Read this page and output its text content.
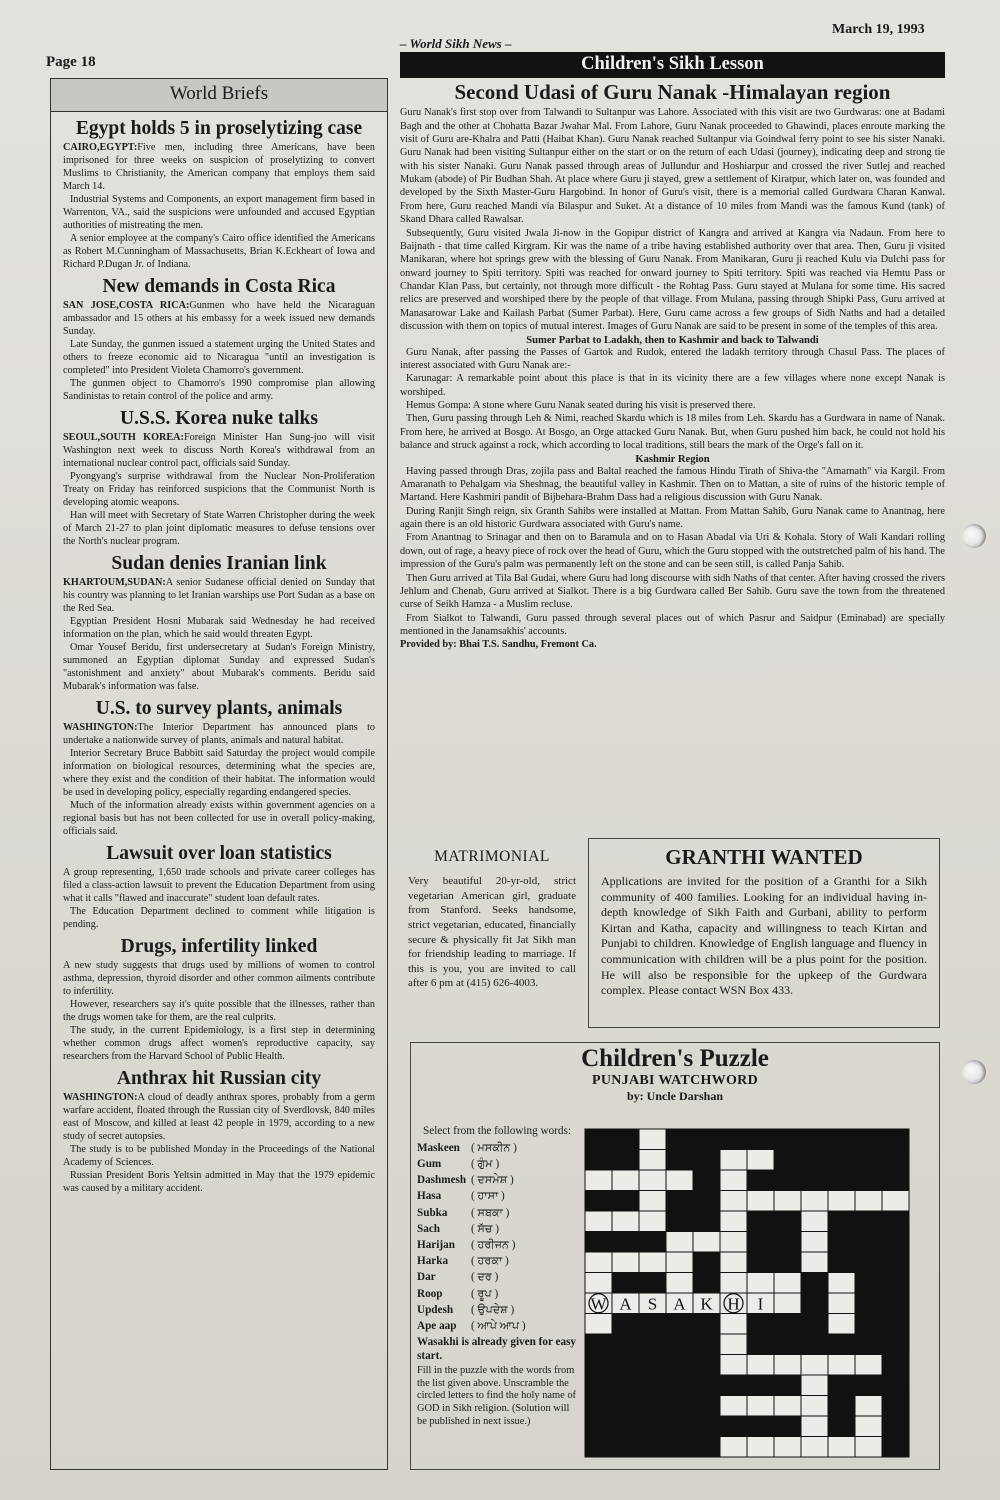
Page 18
– World Sikh News –
March 19, 1993
World Briefs
Egypt holds 5 in proselytizing case

CAIRO,EGYPT:Five men, including three Americans, have been imprisoned for three weeks on suspicion of proselytizing to convert Muslims to Christianity, the American company that employs them said March 14.

Industrial Systems and Components, an export management firm based in Warrenton, VA., said the suspicions were unfounded and accused Egyptian authorities of mistreating the men.

A senior employee at the company's Cairo office identified the Americans as Robert M.Cunningham of Massachusetts, Brian K.Eckheart of Iowa and Richard P.Dugan Jr. of Indiana.

New demands in Costa Rica

SAN JOSE,COSTA RICA:Gunmen who have held the Nicaraguan ambassador and 15 others at his embassy for a week issued new demands Sunday.

Late Sunday, the gunmen issued a statement urging the United States and others to freeze economic aid to Nicaragua "until an investigation is completed" into President Violeta Chamorro's government.

The gunmen object to Chamorro's 1990 compromise plan allowing Sandinistas to retain control of the police and army.

U.S.S. Korea nuke talks

SEOUL,SOUTH KOREA:Foreign Minister Han Sung-joo will visit Washington next week to discuss North Korea's withdrawal from an international nuclear control pact, officials said Sunday.

Pyongyang's surprise withdrawal from the Nuclear Non-Proliferation Treaty on Friday has reinforced suspicions that the Communist North is developing atomic weapons.

Han will meet with Secretary of State Warren Christopher during the week of March 21-27 to plan joint diplomatic measures to defuse tensions over the North's nuclear program.

Sudan denies Iranian link

KHARTOUM,SUDAN:A senior Sudanese official denied on Sunday that his country was planning to let Iranian warships use Port Sudan as a base on the Red Sea.

Egyptian President Hosni Mubarak said Wednesday he had received information on the plan, which he said would threaten Egypt.

Omar Yousef Beridu, first undersecretary at Sudan's Foreign Ministry, summoned an Egyptian diplomat Sunday and expressed Sudan's "astonishment and anxiety" about Mubarak's comments. Beridu said Mubarak's information was false.

U.S. to survey plants, animals

WASHINGTON:The Interior Department has announced plans to undertake a nationwide survey of plants, animals and natural habitat.

Interior Secretary Bruce Babbitt said Saturday the project would compile information on biological resources, determining what the species are, where they exist and the condition of their habitat. The information would be used in developing policy, especially regarding endangered species.

Much of the information already exists within government agencies on a regional basis but has not been collected for use in overall policy-making, officials said.

Lawsuit over loan statistics

A group representing, 1,650 trade schools and private career colleges has filed a class-action lawsuit to prevent the Education Department from using what it calls "flawed and inaccurate" student loan default rates.

The Education Department declined to comment while litigation is pending.

Drugs, infertility linked

A new study suggests that drugs used by millions of women to control asthma, depression, thyroid disorder and other common ailments contribute to infertility.

However, researchers say it's quite possible that the illnesses, rather than the drugs women take for them, are the real culprits.

The study, in the current Epidemiology, is a first step in determining whether common drugs affect women's reproductive capacity, say researchers from the Harvard School of Public Health.

Anthrax hit Russian city

WASHINGTON:A cloud of deadly anthrax spores, probably from a germ warfare accident, floated through the Russian city of Sverdlovsk, 840 miles east of Moscow, and killed at least 42 people in 1979, according to a new study of secret autopsies.

The study is to be published Monday in the Proceedings of the National Academy of Sciences.

Russian President Boris Yeltsin admitted in May that the 1979 epidemic was caused by a military accident.

Children's Sikh Lesson
Second Udasi of Guru Nanak -Himalayan region

Guru Nanak's first stop over from Talwandi to Sultanpur was Lahore. Associated with this visit are two Gurdwaras: one at Badami Bagh and the other at Chohatta Bazar Jwahar Mal. From Lahore, Guru Nanak proceeded to Ghawindi, places enroute marking the visit of Guru are-Khalra and Patti (Haibat Khan). Guru Nanak reached Sultanpur via Goindwal ferry point to see his sister Nanaki. Guru Nanak had been visiting Sultanpur either on the start or on the return of each Udasi (journey), indicating deep and strong tie with his sister Nanaki. Guru Nanak passed through areas of Jullundur and Hoshiarpur and crossed the river Sutlej and reached Mukam (abode) of Pir Budhan Shah. At place where Guru ji stayed, grew a settlement of Kiratpur, which later on, was founded and developed by the Sixth Master-Guru Hargobind. In honor of Guru's visit, there is a memorial called Gurdwara Charan Kanwal. From here, Guru reached Mandi via Bilaspur and Suket. At a distance of 10 miles from Mandi was the famous Kund (tank) of Skand Dhara called Rawalsar.

Subsequently, Guru visited Jwala Ji-now in the Gopipur district of Kangra and arrived at Kangra via Nadaun. From here to Baijnath - that time called Kirgram. Kir was the name of a tribe having established authority over that area. Then, Guru ji visited Manikaran, where hot springs grew with the blessing of Guru Nanak. From Manikaran, Guru ji reached Kulu via Dulchi pass for onward journey to Spiti territory. Spiti was reached for onward journey to Spiti territory. Spiti was reached via Hemtu Pass or Chandar Klan Pass, but certainly, not through more difficult - the Rohtag Pass. Guru stayed at Mulana for some time. His sacred relics are preserved and worshiped there by the people of that village. From Mulana, passing through Shipki Pass, Guru arrived at Manasarowar Lake and Kailash Parbat (Sumer Parbat). Here, Guru came across a few groups of Sidh Naths and had a detailed discussion with them on topics of mutual interest. Images of Guru Nanak are said to be present in some of the temples of this area.

Sumer Parbat to Ladakh, then to Kashmir and back to Talwandi

Guru Nanak, after passing the Passes of Gartok and Rudok, entered the ladakh territory through Chasul Pass. The places of interest associated with Guru Nanak are:-

Karunagar: A remarkable point about this place is that in its vicinity there are a few villages where none except Nanak is worshiped.

Hemus Gompa: A stone where Guru Nanak seated during his visit is preserved there.

Then, Guru passing through Leh & Nimi, reached Skardu which is 18 miles from Leh. Skardu has a Gurdwara in name of Nanak. From here, he arrived at Bosgo. At Bosgo, an Orge attacked Guru Nanak. But, when Guru pushed him back, he could not hold his balance and struck against a rock, which according to local traditions, still bears the mark of the Orge's fall on it.

Kashmir Region

Having passed through Dras, zojila pass and Baltal reached the famous Hindu Tirath of Shiva-the "Amarnath" via Kargil. From Amaranath to Pehalgam via Sheshnag, the beautiful valley in Kashmir. Then on to Mattan, a site of ruins of the historic temple of Martand. Here Kashmiri pandit of Bijbehara-Brahm Dass had a religious discussion with Guru Nanak.

During Ranjit Singh reign, six Granth Sahibs were installed at Mattan. From Mattan Sahib, Guru Nanak came to Anantnag, here again there is an old historic Gurdwara associated with Guru's name.

From Anantnag to Srinagar and then on to Baramula and on to Hasan Abadal via Uri & Kohala. Story of Wali Kandari rolling down, out of rage, a heavy piece of rock over the head of Guru, which the Guru stopped with the outstretched palm of his hand. The impression of the Guru's palm was permanently left on the stone and can be seen still, is called Panja Sahib.

Then Guru arrived at Tila Bal Gudai, where Guru had long discourse with sidh Naths of that center. After having crossed the rivers Jehlum and Chenab, Guru arrived at Sialkot. There is a big Gurdwara called Ber Sahib. Guru save the town from the threatened curse of Seikh Hamza - a Muslim recluse.

From Sialkot to Talwandi, Guru passed through several places out of which Pasrur and Saidpur (Eminabad) are specially mentioned in the Janamsakhis' accounts.

Provided by: Bhai T.S. Sandhu, Fremont Ca.

MATRIMONIAL

Very beautiful 20-yr-old, strict vegetarian American girl, graduate from Stanford. Seeks handsome, strict vegetarian, educated, financially secure & physically fit Jat Sikh man for friendship leading to marriage. If this is you, you are invited to call after 6 pm at (415) 626-4003.

GRANTHI WANTED

Applications are invited for the position of a Granthi for a Sikh community of 400 families. Looking for an individual having in-depth knowledge of Sikh Faith and Gurbani, ability to perform Kirtan and Katha, capacity and willingness to teach Kirtan and Punjabi to children. Knowledge of English language and fluency in communication with children will be a plus point for the position. He will also be responsible for the upkeep of the Gurdwara complex. Please contact WSN Box 433.

Children's Puzzle

PUNJABI WATCHWORD

by: Uncle Darshan

Select from the following words:

Maskeen ( ਮਸਕੀਨ )
Gum	( ਗੁੰਮ )
Dashmesh ( ਦਸਮੇਸ਼ )
Hasa	( ਹਾਸਾ )
Subka ( ਸਬਕਾ )
Sach	( ਸੱਚ )
Harijan ( ਹਰੀਜਨ )
Harka ( ਹਰਕਾ )
Dar	( ਦਰ )
Roop	( ਰੂਪ )
Updesh ( ਉਪਦੇਸ਼ )
Ape aap ( ਆਪੇ ਆਪ )

Wasakhi is already given for easy start.

Fill in the puzzle with the words from the list given above. Unscramble the circled letters to find the holy name of GOD in Sikh religion. (Solution will be published in next issue.)

W A S A K H I
